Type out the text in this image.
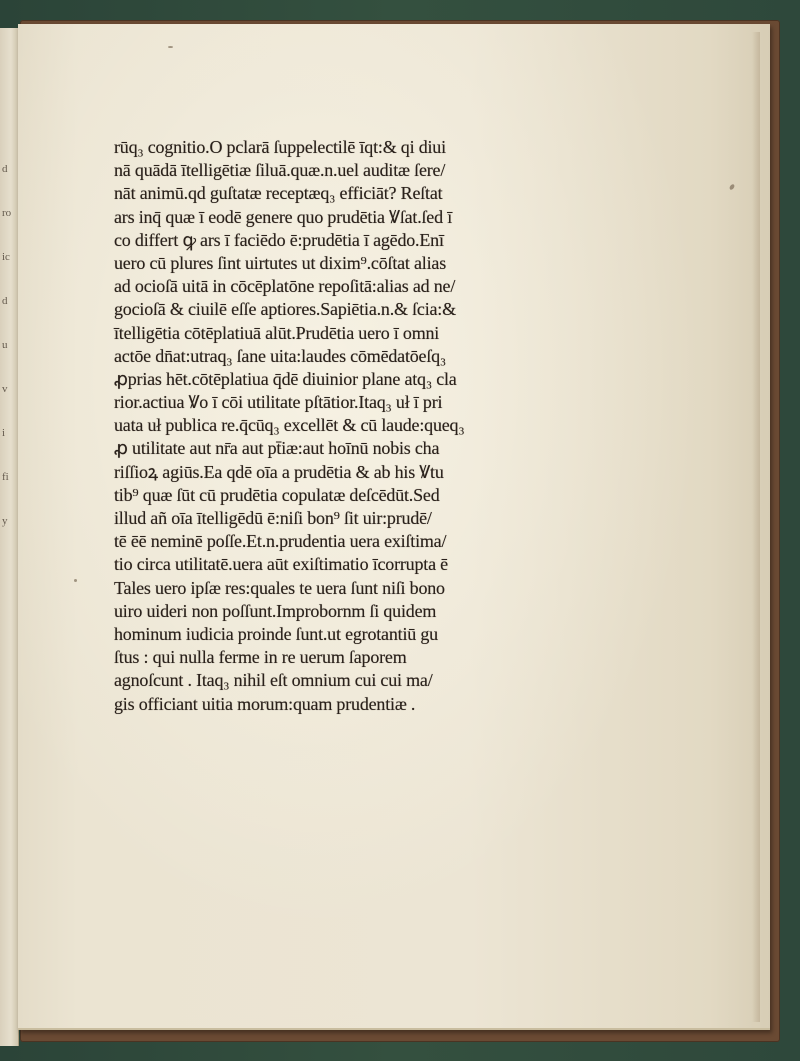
d

ro

ic

d

u

v

i

fi

y
rūq₃ cognitio.O pclarā ſuppelectilē īqt:& qi diui
nā quādā ītelligētiæ ſiluā.quæ.n.uel auditæ ſere/
nāt animū.qd guſtatæ receptæq₃ efficiāt? Reſtat
ars inq̄ quæ ī eodē genere quo prudētia Ꝟſat.ſed ī
co differt ꝙ ars ī faciēdo ē:prudētia ī agēdo.Enī
uero cū plures ſint uirtutes ut dixim⁹.cōſtat alias
ad ocioſā uitā in cōcēplatōne repoſitā:alias ad ne/
gocioſā & ciuilē eſſe aptiores.Sapiētia.n.& ſcia:&
ītelligētia cōtēplatiuā alūt.Prudētia uero ī omni
actōe dn̄at:utraq₃ ſane uita:laudes cōmēdatōeſq₃
ꝓprias hēt.cōtēplatiua q̄dē diuinior plane atq₃ cla
rior.actiua Ꝟo ī cōi utilitate pſtātior.Itaq₃ uł ī pri
uata uł publica re.q̄cūq₃ excellēt & cū laude:queq₃
ꝓ utilitate aut nr̄a aut pt̄iæ:aut hoīnū nobis cha
riſſioꝝ agiūs.Ea qdē oīa a prudētia & ab his Ꝟtu
tib⁹ quæ ſūt cū prudētia copulatæ deſcēdūt.Sed
illud añ oīa ītelligēdū ē:niſi bon⁹ ſit uir:prudē/
tē ēē neminē poſſe.Et.n.prudentia uera exiſtima/
tio circa utilitatē.uera aūt exiſtimatio īcorrupta ē
Tales uero ipſæ res:quales te uera ſunt niſi bono
uiro uideri non poſſunt.Improbornm ſi quidem
hominum iudicia proinde ſunt.ut egrotantiū gu
ſtus : qui nulla ferme in re uerum ſaporem
agnoſcunt . Itaq₃ nihil eſt omnium cui cui ma/
gis officiant uitia morum:quam prudentiæ .
